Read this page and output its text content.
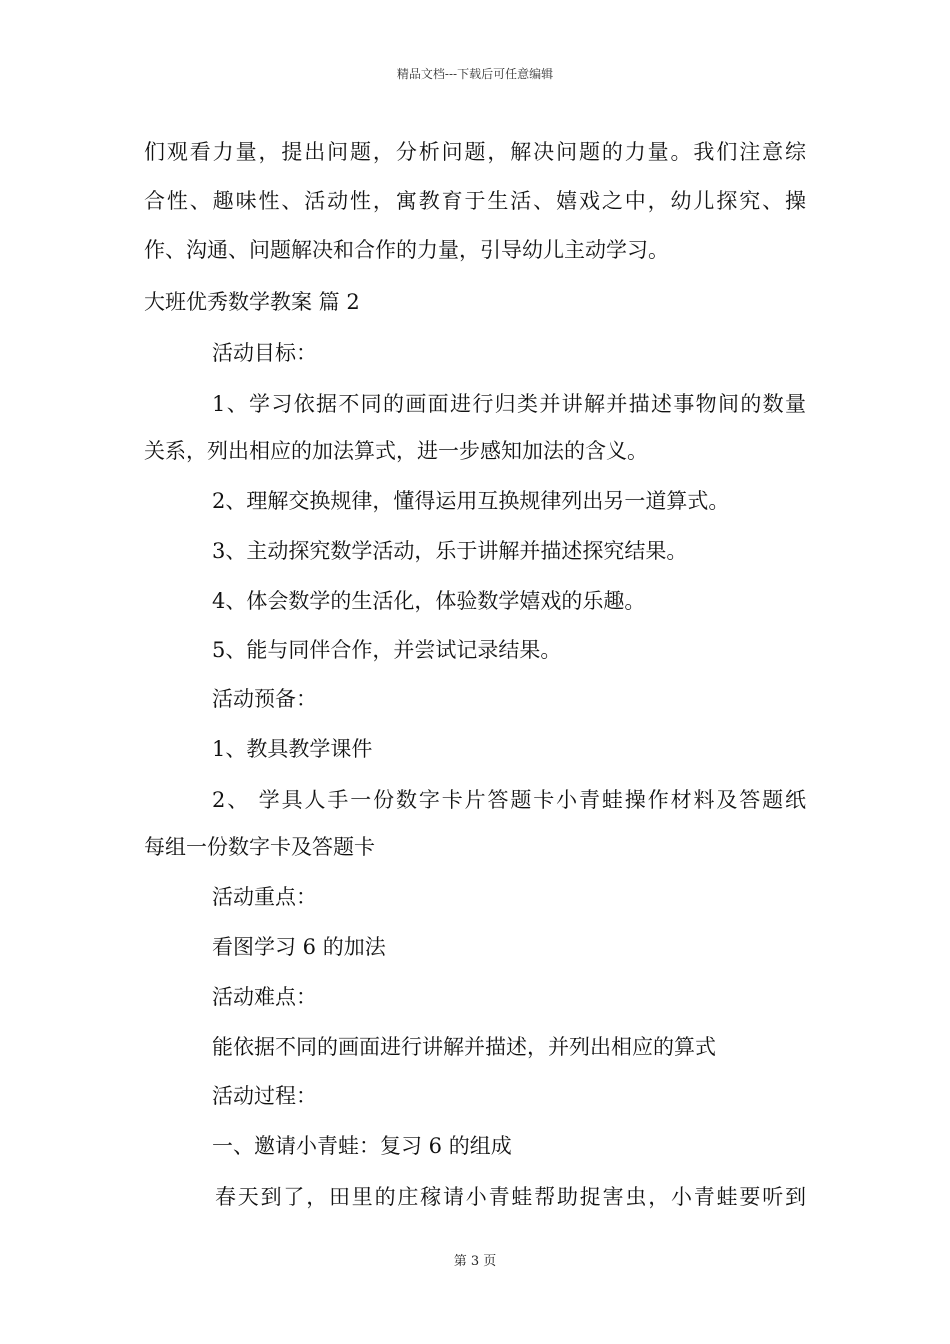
精品文档---下载后可任意编辑
们观看力量，提出问题，分析问题，解决问题的力量。我们注意综
合性、趣味性、活动性，寓教育于生活、嬉戏之中，幼儿探究、操
作、沟通、问题解决和合作的力量，引导幼儿主动学习。
大班优秀数学教案 篇 2
活动目标：
1、学习依据不同的画面进行归类并讲解并描述事物间的数量
关系，列出相应的加法算式，进一步感知加法的含义。
2、理解交换规律，懂得运用互换规律列出另一道算式。
3、主动探究数学活动，乐于讲解并描述探究结果。
4、体会数学的生活化，体验数学嬉戏的乐趣。
5、能与同伴合作，并尝试记录结果。
活动预备：
1、教具教学课件
2、 学具人手一份数字卡片答题卡小青蛙操作材料及答题纸
每组一份数字卡及答题卡
活动重点：
看图学习 6 的加法
活动难点：
能依据不同的画面进行讲解并描述，并列出相应的算式
活动过程：
一、邀请小青蛙：复习 6 的组成
春天到了，田里的庄稼请小青蛙帮助捉害虫，小青蛙要听到
第 3 页
